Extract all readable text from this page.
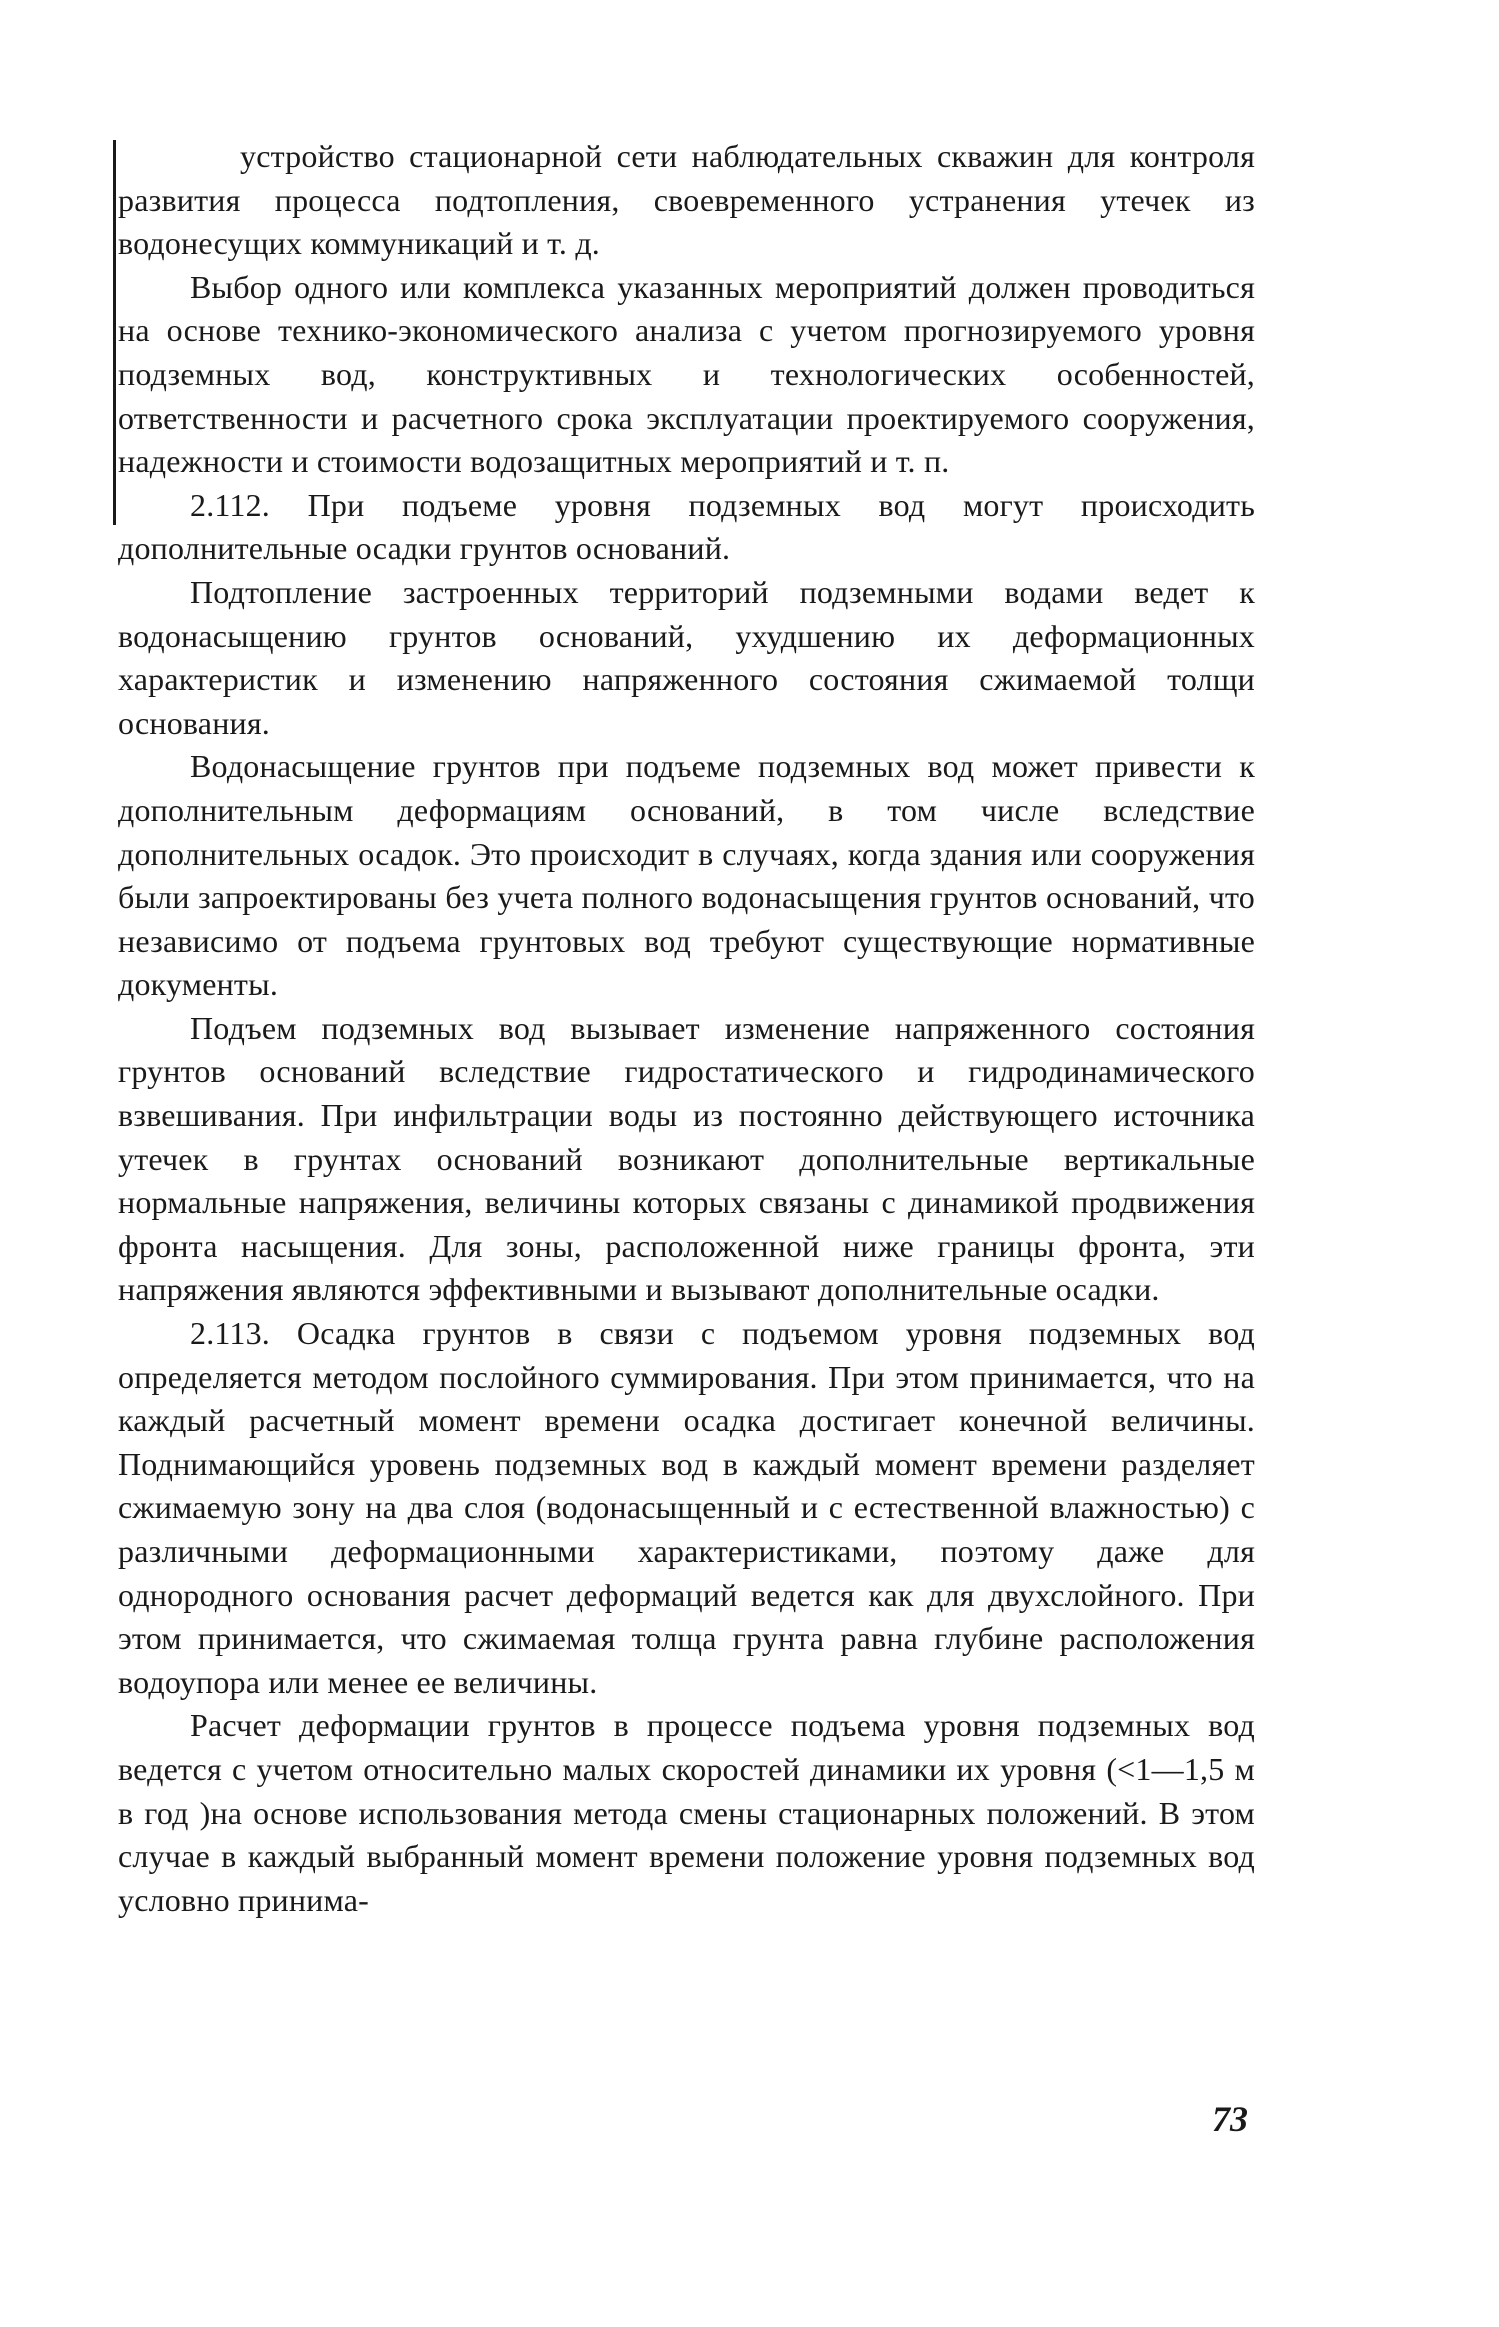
устройство стационарной сети наблюдательных скважин для контроля развития процесса подтопления, своевременного устранения утечек из водонесущих коммуникаций и т. д.

Выбор одного или комплекса указанных мероприятий должен проводиться на основе технико-экономического анализа с учетом прогнозируемого уровня подземных вод, конструктивных и технологических особенностей, ответственности и расчетного срока эксплуатации проектируемого сооружения, надежности и стоимости водозащитных мероприятий и т. п.

2.112. При подъеме уровня подземных вод могут происходить дополнительные осадки грунтов оснований.

Подтопление застроенных территорий подземными водами ведет к водонасыщению грунтов оснований, ухудшению их деформационных характеристик и изменению напряженного состояния сжимаемой толщи основания.

Водонасыщение грунтов при подъеме подземных вод может привести к дополнительным деформациям оснований, в том числе вследствие дополнительных осадок. Это происходит в случаях, когда здания или сооружения были запроектированы без учета полного водонасыщения грунтов оснований, что независимо от подъема грунтовых вод требуют существующие нормативные документы.

Подъем подземных вод вызывает изменение напряженного состояния грунтов оснований вследствие гидростатического и гидродинамического взвешивания. При инфильтрации воды из постоянно действующего источника утечек в грунтах оснований возникают дополнительные вертикальные нормальные напряжения, величины которых связаны с динамикой продвижения фронта насыщения. Для зоны, расположенной ниже границы фронта, эти напряжения являются эффективными и вызывают дополнительные осадки.

2.113. Осадка грунтов в связи с подъемом уровня подземных вод определяется методом послойного суммирования. При этом принимается, что на каждый расчетный момент времени осадка достигает конечной величины. Поднимающийся уровень подземных вод в каждый момент времени разделяет сжимаемую зону на два слоя (водонасыщенный и с естественной влажностью) с различными деформационными характеристиками, поэтому даже для однородного основания расчет деформаций ведется как для двухслойного. При этом принимается, что сжимаемая толща грунта равна глубине расположения водоупора или менее ее величины.

Расчет деформации грунтов в процессе подъема уровня подземных вод ведется с учетом относительно малых скоростей динамики их уровня (<1—1,5 м в год )на основе использования метода смены стационарных положений. В этом случае в каждый выбранный момент времени положение уровня подземных вод условно принима-

73
